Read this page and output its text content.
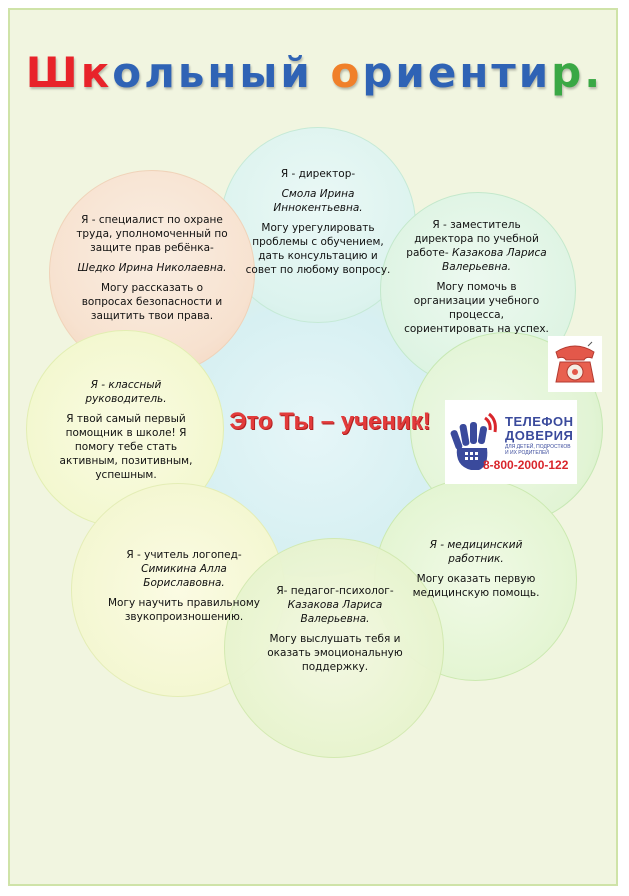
Школьный ориентир.

Я - директор-

Смола Ирина Иннокентьевна.

Могу урегулировать проблемы с обучением, дать консультацию и совет по любому вопросу.

Я - заместитель директора по учебной работе- Казакова Лариса Валерьевна.

Могу помочь в организации учебного процесса, сориентировать на успех.

Я - специалист по охране труда, уполномоченный по защите прав ребёнка-

Шедко Ирина Николаевна.

Могу рассказать о вопросах безопасности и защитить твои права.

Я - классный руководитель.

Я твой самый первый помощник в школе! Я помогу тебе стать активным, позитивным, успешным.

Я - учитель логопед-

Симикина Алла Бориславовна.

Могу научить правильному звукопроизношению.

Я- педагог-психолог-

Казакова Лариса Валерьевна.

Могу выслушать тебя и оказать эмоциональную поддержку.

Я - медицинский работник.

Могу оказать первую медицинскую помощь.

Это Ты – ученик!	ТЕЛЕФОН
ДОВЕРИЯ
ДЛЯ ДЕТЕЙ, ПОДРОСТКОВ
И ИХ РОДИТЕЛЕЙ
8-800-2000-122
